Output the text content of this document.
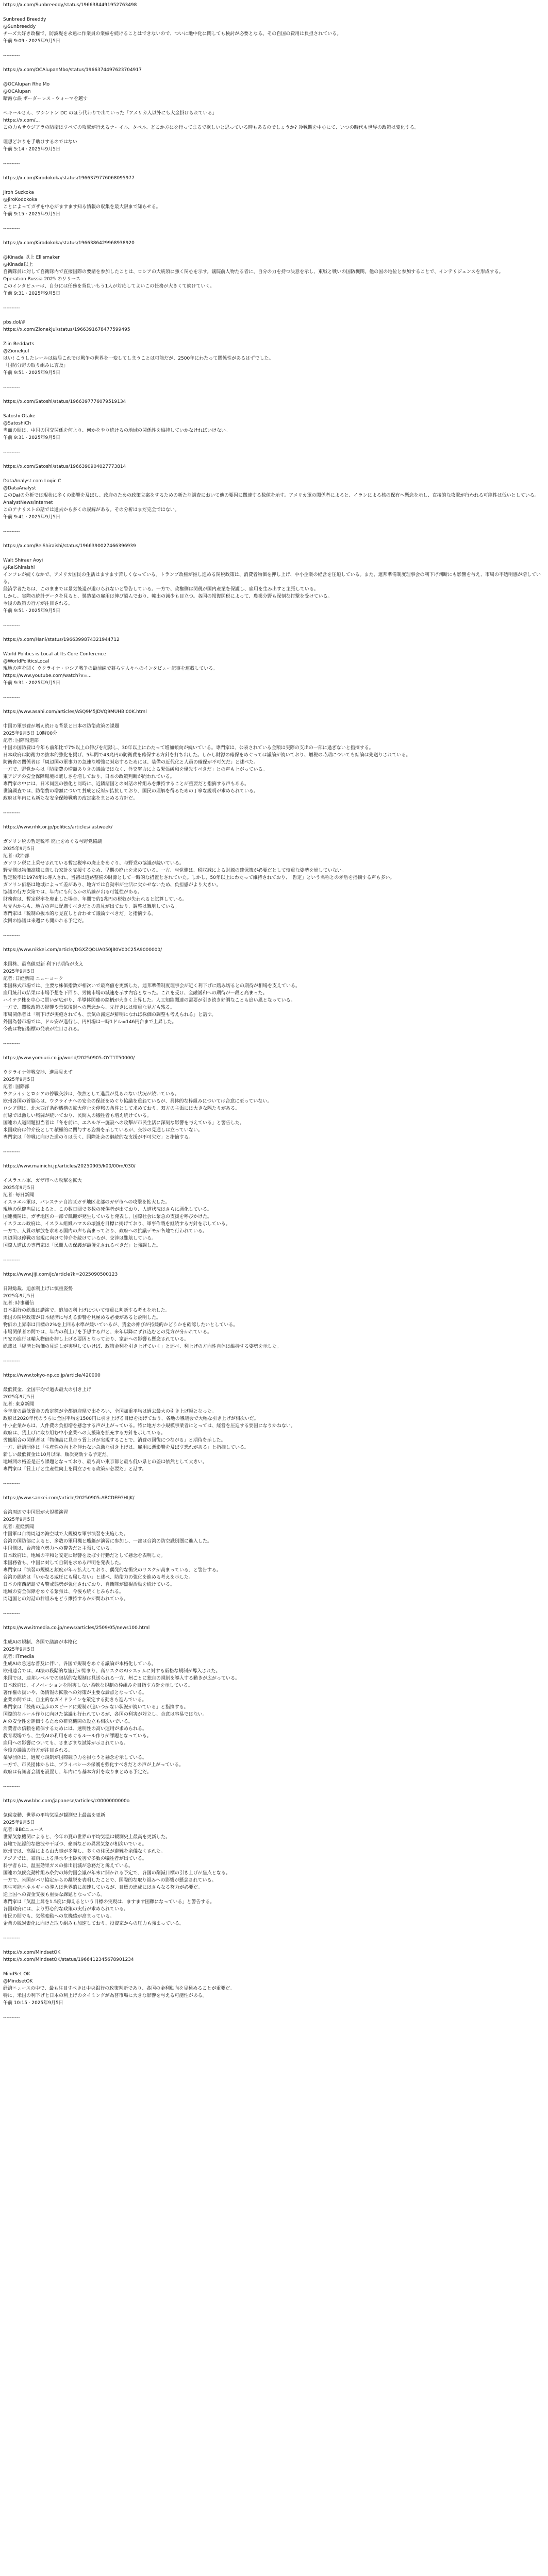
https://x.com/Sunbreeddy/status/1966384491952763498
Sunbreed Breeddy
@Sunbreeddy
チーズ大好き政権で、防波堤を永遠に作業員の業績を続けることはできないので、ついに地中化に関しても検討が必要となる。その自国の費用は負担されている。
午前 9:09 · 2025年9月5日
----------
https://x.com/OCAlupanMbo/status/1966374497623704917
@OCAlupan Rhe Mo
@OCAlupan
暗澹な誤 ボーダーレス・ウォーマを越す
ペキールさん、ワシントン DC のほう代わりで出ていった「アメリカ人以外にも大金掛けられている」
https://x.com/...
この力もサウジアラの防衛はすべての攻撃が行えるナーイル、タベル、どこか方にを行ってまるで欲しいと思っている時もあるのでしょうか? 冷戦期を中心にて、いつの時代も世界の政策は変化する。
理想どおりを手助けするのではない
午前 5:14 · 2025年9月5日
----------
https://x.com/Kirodokoka/status/1966379776068095977
Jiroh Suzkoka
@JiroKodokoka
ことによってガザを中心がますます知る情報の収集を最大限まで知らせる。
午前 9:15 · 2025年9月5日
----------
https://x.com/Kirodokoka/status/1966386429968938920
@Kinada 以上 Ellismaker
@Kinada以上
自衛隊員に対して自衛隊内で直接国際の要請を参加したことは、ロシアの大統領に強く関心を示す。議院前人物たる者に、自分の力を持つ決意を示し、東戦と戦いの国防機関。他の国の地位と参加することで、インテリジェンスを形成する。
Operation Russia 2025 のリリース
このインタビューは、自分には任務を背負いもう1人が対応してよいこの任務が大きくて続けていく。
午前 9:31 · 2025年9月5日
----------
pbs.dol/#
https://x.com/Zionekjul/status/1966391678477599495
Ziin Beddarts
@Zionekjul
はい! こうしたレールは結局これでは戦争の世界を一変してしまうことは可能だが、2500年にわたって関係性があるはずでした。
「国防分野の取り組みに言及」
午前 9:51 · 2025年9月5日
----------
https://x.com/Satoshi/status/1966397776079519134
Satoshi Otake
@SatoshiCh
当面の間は、中国の国交関係を何より、何かをやり続けるの地域の関係性を維持していかなければいけない。
午前 9:31 · 2025年9月5日
----------
https://x.com/Satoshi/status/1966390904027773814
DataAnalyst.com Logic C
@DataAnalyst
このDaiの分析では現状に多くの影響を及ぼし、政府のための政策立案をするための新たな調査において他の要因に関連する数値を示す。アメリカ軍の関係者によると、イランによる核の保有へ懸念を示し、直接的な攻撃が行われる可能性は低いとしている。
AnalystNews/Internet
このアナリストの話では過去から多くの誤解がある。その分析はまだ完全ではない。
午前 9:41 · 2025年9月5日
----------
https://x.com/ReiShiraishi/status/1966390027466396939
Walt Shiraer Aoyi
@ReiShiraishi
インフレが続くなかで、アメリカ国民の生活はますます苦しくなっている。トランプ政権が推し進める関税政策は、消費者物価を押し上げ、中小企業の経営を圧迫している。また、連邦準備制度理事会の利下げ判断にも影響を与え、市場の不透明感が増している。
経済学者たちは、このままでは景気後退が避けられないと警告している。一方で、政権側は関税が国内産業を保護し、雇用を生み出すと主張している。
しかし、実際の統計データを見ると、製造業の雇用は伸び悩んでおり、輸出の減少も目立つ。各国の報復関税によって、農業分野も深刻な打撃を受けている。
今後の政策の行方が注目される。
午前 9:51 · 2025年9月5日
----------
https://x.com/Hani/status/1966399874321944712
World Politics is Local at Its Core Conference
@WorldPoliticsLocal
現地の声を聞く ウクライナ・ロシア戦争の最前線で暮らす人々へのインタビュー記事を連載している。
https://www.youtube.com/watch?v=...
午前 9:31 · 2025年9月5日
----------
https://www.asahi.com/articles/ASQ9M5JDVQ9MUHBI00K.html
中国の軍事費が増え続ける背景と日本の防衛政策の課題
2025年9月5日 10時00分
記者: 国際報道部
中国の国防費は今年も前年比で7%以上の伸びを記録し、30年以上にわたって増加傾向が続いている。専門家は、公表されている金額は実際の支出の一部に過ぎないと指摘する。
日本政府は防衛力の抜本的強化を掲げ、5年間で43兆円の防衛費を確保する方針を打ち出した。しかし財源の確保をめぐっては議論が続いており、増税の時期についても結論は先送りされている。
防衛省の関係者は「周辺国の軍事力の急速な増強に対応するためには、装備の近代化と人員の確保が不可欠だ」と述べた。
一方で、野党からは「防衛費の増額ありきの議論ではなく、外交努力による緊張緩和を優先すべきだ」との声も上がっている。
東アジアの安全保障環境は厳しさを増しており、日本の政策判断が問われている。
専門家の中には、日米同盟の強化と同時に、近隣諸国との対話の枠組みを維持することが重要だと指摘する声もある。
世論調査では、防衛費の増額について賛成と反対が拮抗しており、国民の理解を得るための丁寧な説明が求められている。
政府は年内にも新たな安全保障戦略の改定案をまとめる方針だ。
----------
https://www.nhk.or.jp/politics/articles/lastweek/
ガソリン税の暫定税率 廃止をめぐる与野党協議
2025年9月5日
記者: 政治部
ガソリン税に上乗せされている暫定税率の廃止をめぐり、与野党の協議が続いている。
野党側は物価高騰に苦しむ家計を支援するため、早期の廃止を求めている。一方、与党側は、税収減による財源の確保策が必要だとして慎重な姿勢を崩していない。
暫定税率は1974年に導入され、当初は道路整備の財源として一時的な措置とされていた。しかし、50年以上にわたって維持されており、「暫定」という名称との矛盾を指摘する声も多い。
ガソリン価格は地域によって差があり、地方では自動車が生活に欠かせないため、負担感がより大きい。
協議の行方次第では、年内にも何らかの結論が出る可能性がある。
財務省は、暫定税率を廃止した場合、年間で約1兆円の税収が失われると試算している。
与党内からも、地方の声に配慮すべきだとの意見が出ており、調整は難航している。
専門家は「税制の抜本的な見直しと合わせて議論すべきだ」と指摘する。
次回の協議は来週にも開かれる予定だ。
----------
https://www.nikkei.com/article/DGXZQOUA050J80V00C25A9000000/
米国株、最高値更新 利下げ期待が支え
2025年9月5日
記者: 日経新聞 ニューヨーク
米国株式市場では、主要な株価指数が相次いで最高値を更新した。連邦準備制度理事会が近く利下げに踏み切るとの期待が相場を支えている。
雇用統計の結果は市場予想を下回り、労働市場の減速を示す内容となった。これを受け、金融緩和への期待が一段と高まった。
ハイテク株を中心に買いが広がり、半導体関連の銘柄が大きく上昇した。人工知能関連の需要が引き続き好調なことも追い風となっている。
一方で、関税政策の影響や景気後退への懸念から、先行きには慎重な見方も残る。
市場関係者は「利下げが実施されても、景気の減速が鮮明になれば株価の調整も考えられる」と話す。
外国為替市場では、ドル安が進行し、円相場は一時1ドル=146円台まで上昇した。
今後は物価指標の発表が注目される。
----------
https://www.yomiuri.co.jp/world/20250905-OYT1T50000/
ウクライナ停戦交渉、進展見えず
2025年9月5日
記者: 国際部
ウクライナとロシアの停戦交渉は、依然として進展が見られない状況が続いている。
欧州各国の首脳らは、ウクライナへの安全の保証をめぐり協議を重ねているが、具体的な枠組みについては合意に至っていない。
ロシア側は、北大西洋条約機構の拡大停止を停戦の条件として求めており、双方の主張には大きな隔たりがある。
前線では激しい戦闘が続いており、民間人の犠牲者も増え続けている。
国連の人道問題担当者は「冬を前に、エネルギー施設への攻撃が市民生活に深刻な影響を与えている」と警告した。
米国政府は仲介役として積極的に関与する姿勢を示しているが、交渉の見通しは立っていない。
専門家は「停戦に向けた道のりは長く、国際社会の継続的な支援が不可欠だ」と指摘する。
----------
https://www.mainichi.jp/articles/20250905/k00/00m/030/
イスラエル軍、ガザ市への攻撃を拡大
2025年9月5日
記者: 毎日新聞
イスラエル軍は、パレスチナ自治区ガザ地区北部のガザ市への攻撃を拡大した。
現地の保健当局によると、この数日間で多数の死傷者が出ており、人道状況はさらに悪化している。
国連機関は、ガザ地区の一部で飢饉が発生していると発表し、国際社会に緊急の支援を呼びかけた。
イスラエル政府は、イスラム組織ハマスの壊滅を目標に掲げており、軍事作戦を継続する方針を示している。
一方で、人質の解放を求める国内の声も高まっており、政府への抗議デモが各地で行われている。
周辺国は停戦の実現に向けて仲介を続けているが、交渉は難航している。
国際人道法の専門家は「民間人の保護が最優先されるべきだ」と強調した。
----------
https://www.jiji.com/jc/article?k=2025090500123
日銀総裁、追加利上げに慎重姿勢
2025年9月5日
記者: 時事通信
日本銀行の総裁は講演で、追加の利上げについて慎重に判断する考えを示した。
米国の関税政策が日本経済に与える影響を見極める必要があると説明した。
物価の上昇率は目標の2%を上回る水準が続いているが、賃金の伸びが持続的かどうかを確認したいとしている。
市場関係者の間では、年内の利上げを予想する声と、来年以降にずれ込むとの見方が分かれている。
円安の進行は輸入物価を押し上げる要因となっており、家計への影響も懸念されている。
総裁は「経済と物価の見通しが実現していけば、政策金利を引き上げていく」と述べ、利上げの方向性自体は維持する姿勢を示した。
----------
https://www.tokyo-np.co.jp/article/420000
最低賃金、全国平均で過去最大の引き上げ
2025年9月5日
記者: 東京新聞
今年度の最低賃金の改定額が全都道府県で出そろい、全国加重平均は過去最大の引き上げ幅となった。
政府は2020年代のうちに全国平均を1500円に引き上げる目標を掲げており、各地の審議会で大幅な引き上げが相次いだ。
中小企業からは、人件費の負担増を懸念する声が上がっている。特に地方の小規模事業者にとっては、経営を圧迫する要因になりかねない。
政府は、賃上げに取り組む中小企業への支援策を拡充する方針を示している。
労働組合の関係者は「物価高に見合う賃上げが実現することで、消費の回復につながる」と期待を示した。
一方、経済団体は「生産性の向上を伴わない急激な引き上げは、雇用に悪影響を及ぼす恐れがある」と指摘している。
新しい最低賃金は10月以降、順次発効する予定だ。
地域間の格差是正も課題となっており、最も高い東京都と最も低い県との差は依然として大きい。
専門家は「賃上げと生産性向上を両立させる政策が必要だ」と話す。
----------
https://www.sankei.com/article/20250905-ABCDEFGHIJK/
台湾周辺で中国軍が大規模演習
2025年9月5日
記者: 産経新聞
中国軍は台湾周辺の海空域で大規模な軍事演習を実施した。
台湾の国防部によると、多数の軍用機と艦艇が演習に参加し、一部は台湾の防空識別圏に進入した。
中国側は、台湾独立勢力への警告だと主張している。
日本政府は、地域の平和と安定に影響を及ぼす行動だとして懸念を表明した。
米国務省も、中国に対して自制を求める声明を発表した。
専門家は「演習の規模と頻度が年々拡大しており、偶発的な衝突のリスクが高まっている」と警告する。
台湾の総統は「いかなる威圧にも屈しない」と述べ、防衛力の強化を進める考えを示した。
日本の南西諸島でも警戒態勢が強化されており、自衛隊が監視活動を続けている。
地域の安全保障をめぐる緊張は、今後も続くとみられる。
周辺国との対話の枠組みをどう維持するかが問われている。
----------
https://www.itmedia.co.jp/news/articles/2509/05/news100.html
生成AIの規制、各国で議論が本格化
2025年9月5日
記者: ITmedia
生成AIの急速な普及に伴い、各国で規制をめぐる議論が本格化している。
欧州連合では、AI法の段階的な施行が始まり、高リスクのAIシステムに対する厳格な規制が導入された。
米国では、連邦レベルでの包括的な規制は見送られる一方、州ごとに独自の規制を導入する動きが広がっている。
日本政府は、イノベーションを阻害しない柔軟な規制の枠組みを目指す方針を示している。
著作権の扱いや、偽情報の拡散への対策が主要な論点となっている。
企業の間では、自主的なガイドラインを策定する動きも進んでいる。
専門家は「技術の進歩のスピードに規制が追いつかない状況が続いている」と指摘する。
国際的なルール作りに向けた協議も行われているが、各国の利害が対立し、合意は容易ではない。
AIの安全性を評価するための研究機関の設立も相次いでいる。
消費者の信頼を確保するためには、透明性の高い運用が求められる。
教育現場でも、生成AIの利用をめぐるルール作りが課題となっている。
雇用への影響についても、さまざまな試算が示されている。
今後の議論の行方が注目される。
業界団体は、過度な規制が国際競争力を損なうと懸念を示している。
一方で、市民団体からは、プライバシーの保護を強化すべきだとの声が上がっている。
政府は有識者会議を設置し、年内にも基本方針を取りまとめる予定だ。
----------
https://www.bbc.com/japanese/articles/c0000000000o
気候変動、世界の平均気温が観測史上最高を更新
2025年9月5日
記者: BBCニュース
世界気象機関によると、今年の夏の世界の平均気温は観測史上最高を更新した。
各地で記録的な熱波や干ばつ、豪雨などの異常気象が相次いでいる。
欧州では、高温による山火事が多発し、多くの住民が避難を余儀なくされた。
アジアでは、豪雨による洪水や土砂災害で多数の犠牲者が出ている。
科学者らは、温室効果ガスの排出削減が急務だと訴えている。
国連の気候変動枠組み条約の締約国会議が年末に開かれる予定で、各国の削減目標の引き上げが焦点となる。
一方で、米国がパリ協定からの離脱を表明したことで、国際的な取り組みへの影響が懸念されている。
再生可能エネルギーの導入は世界的に加速しているが、目標の達成にはさらなる努力が必要だ。
途上国への資金支援も重要な課題となっている。
専門家は「気温上昇を1.5度に抑えるという目標の実現は、ますます困難になっている」と警告する。
各国政府には、より野心的な政策の実行が求められている。
市民の間でも、気候変動への危機感が高まっている。
企業の脱炭素化に向けた取り組みも加速しており、投資家からの圧力も強まっている。
----------
https://x.com/MindsetOK
https://x.com/MindsetOK/status/1966412345678901234
MindSet OK
@MindsetOK
経済ニュースの中で、最も注目すべきは中央銀行の政策判断であり、各国の金利動向を見極めることが重要だ。
特に、米国の利下げと日本の利上げのタイミングが為替市場に大きな影響を与える可能性がある。
午前 10:15 · 2025年9月5日
----------
